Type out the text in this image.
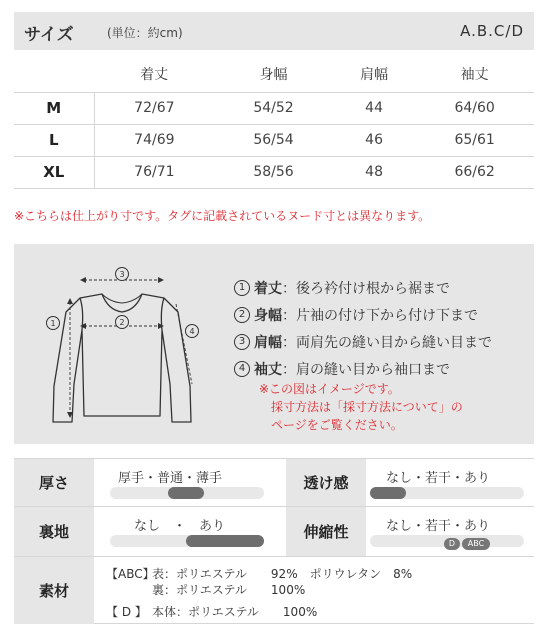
サイズ	(単位：約cm)	A.B.C/D
	着丈	身幅	肩幅	袖丈
M	72/67	54/52	44	64/60
L	74/69	56/54	46	65/61
XL	76/71	58/56	48	66/62
※こちらは仕上がり寸です。タグに記載されているヌード寸とは異なります。
1	2
3
4
1 着丈 ：後ろ衿付け根から裾まで
2 身幅 ：片袖の付け下から付け下まで
3 肩幅 ：両肩先の縫い目から縫い目まで
4 袖丈 ：肩の縫い目から袖口まで
※この図はイメージです。
採寸方法は「採寸方法について」の
ページをご覧ください。
厚さ	厚手・普通・薄手	透け感	なし・若干・あり
裏地	なし　・　あり	伸縮性	なし・若干・あり
D	ABC
素材
【ABC】
表：ポリエステル　　92%　ポリウレタン　8%
裏：ポリエステル　　100%
【 D 】 本体：ポリエステル　　100%
